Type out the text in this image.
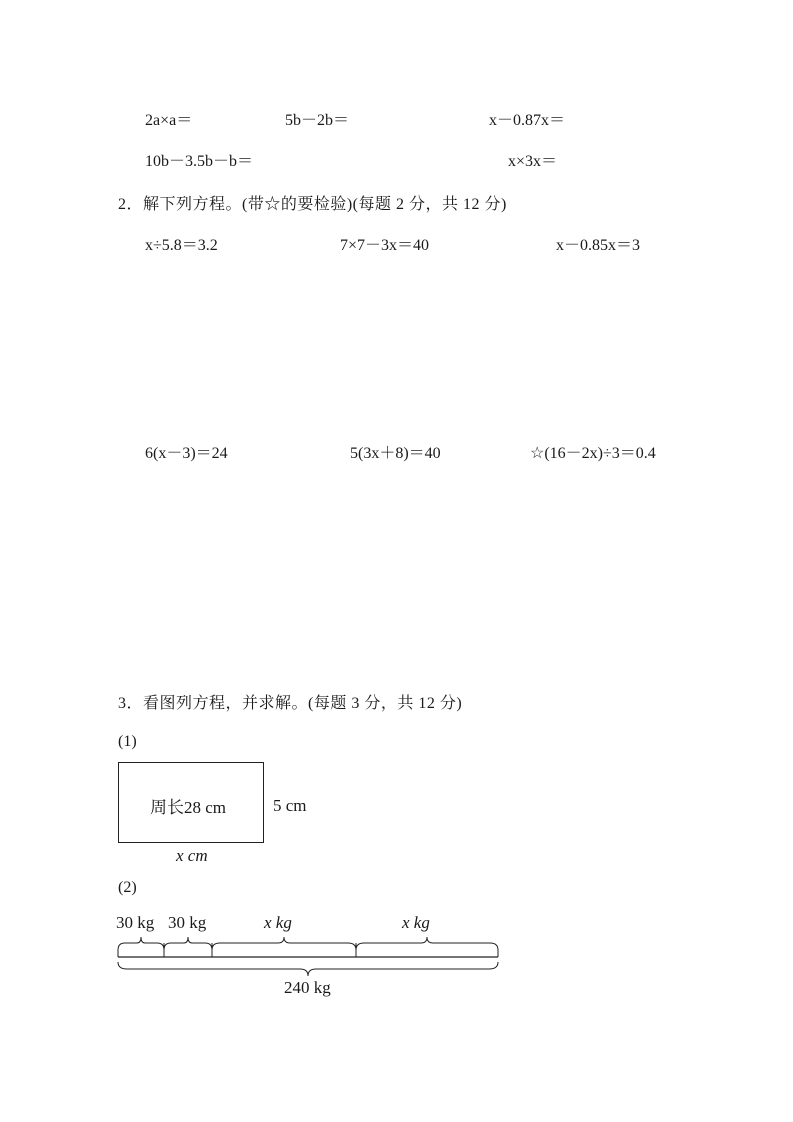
2a×a＝	5b－2b＝	x－0.87x＝
10b－3.5b－b＝	x×3x＝
2．解下列方程。(带☆的要检验)(每题 2 分，共 12 分)
x÷5.8＝3.2	7×7－3x＝40	x－0.85x＝3
6(x－3)＝24	5(3x＋8)＝40	☆(16－2x)÷3＝0.4
3．看图列方程，并求解。(每题 3 分，共 12 分)
(1)
周长28 cm	5 cm
x cm
(2)
30 kg 30 kg	x kg	x kg
240 kg
